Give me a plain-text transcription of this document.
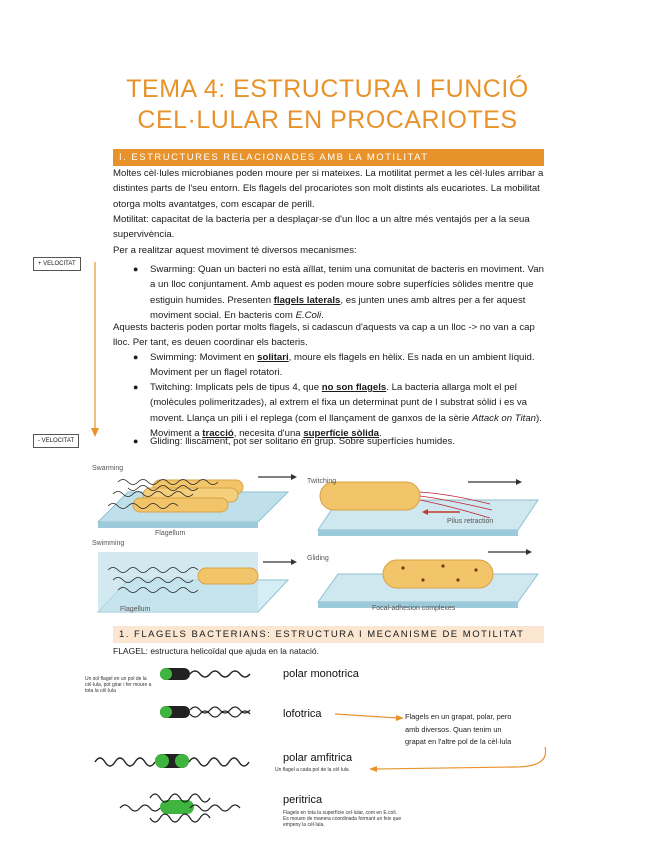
TEMA 4: ESTRUCTURA I FUNCIÓ
CEL·LULAR EN PROCARIOTES
I. ESTRUCTURES RELACIONADES AMB LA MOTILITAT
Moltes cèl·lules microbianes poden moure per si mateixes. La motilitat permet a les cèl·lules arribar a distintes parts de l'seu entorn. Els flagels del procariotes son molt distints als eucariotes. La mobilitat otorga molts avantatges, com escapar de perill.
Motilitat: capacitat de la bacteria per a desplaçar-se d'un lloc a un altre més ventajós per a la seua supervivència.
Per a realitzar aquest moviment té diversos mecanismes:
● Swarming: Quan un bacteri no està aïllat, tenim una comunitat de bacteris en moviment. Van a un lloc conjuntament. Amb aquest es poden moure sobre superfícies sòlides mentre que estiguin humides. Presenten flagels laterals, es junten unes amb altres per a fer aquest moviment social. En bacteris com E.Coli.
Aquests bacteris poden portar molts flagels, si cadascun d'aquests va cap a un lloc -> no van a cap lloc. Per tant, es deuen coordinar els bacteris.
● Swimming: Moviment en solitari, moure els flagels en hèlix. Es nada en un ambient líquid. Moviment per un flagel rotatori.
● Twitching: Implicats pels de tipus 4, que no son flagels. La bacteria allarga molt el pel (molècules polimeritzades), al extrem el fixa un determinat punt de l substrat sòlid i es va movent. Llança un pili i el replega (com el llançament de ganxos de la sèrie Attack on Titan). Moviment a tracció, necesita d'una superfície sòlida.
● Gliding: lliscament, pot ser solitario en grup. Sobre superfícies humides.
+ VELOCITAT
- VELOCITAT
Swarming
Swimming
Twitching
Gliding
Flagellum
Flagellum
Pilus retraction
Focal-adhesion complexes
1. FLAGELS BACTERIANS: ESTRUCTURA I MECANISME DE MOTILITAT
FLAGEL: estructura helicoïdal que ajuda en la natació.
Un sol flagel en un pol de la cèl·lula, pot girar i fer moure a tota la cèl·lula
polar monotrica
lofotrica
polar amfitrica
Un flagel a cada pol de la cèl·lula
peritrica
Flagels en tota la superfície cel·lular, com en E.coli. Es mouen de manera coordinada formant un feix que empeny la cèl·lula.
Flagels en un grapat, polar, pero
amb diversos. Quan tenim un
grapat en l'altre pol de la cèl·lula
